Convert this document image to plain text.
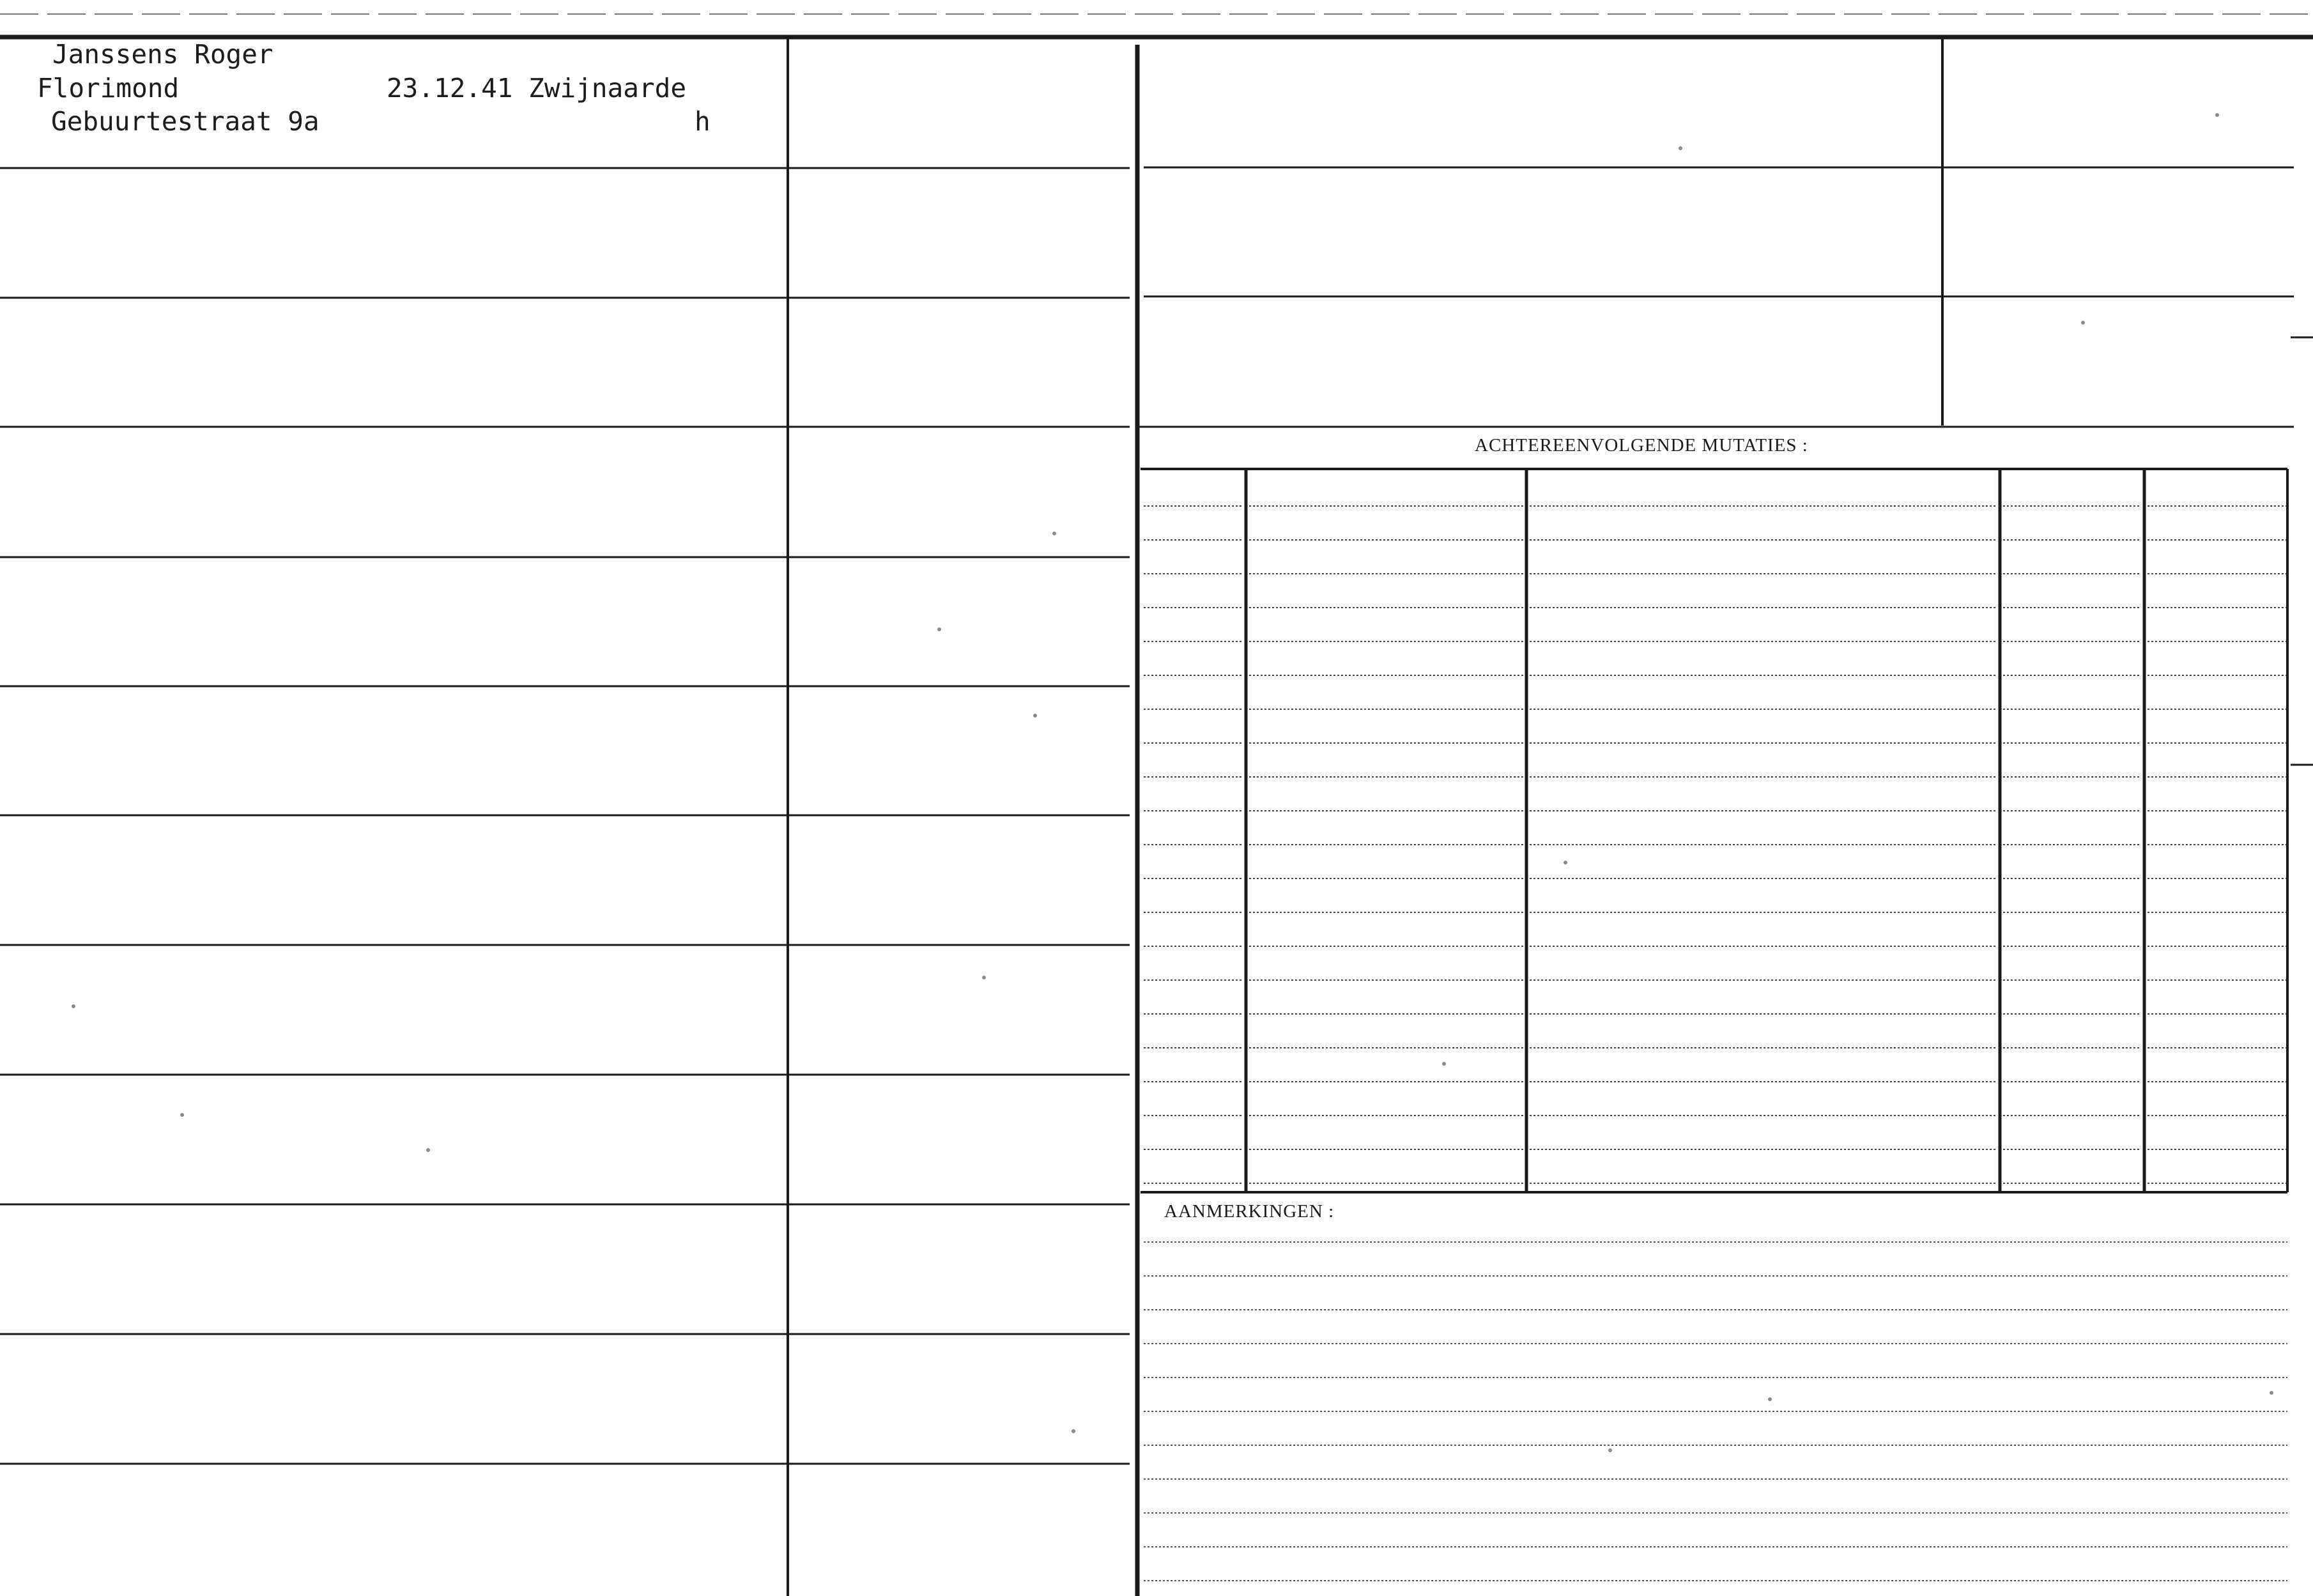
Janssens Roger
Florimond	23.12.41 Zwijnaarde
Gebuurtestraat 9a	h
ACHTEREENVOLGENDE MUTATIES :
AANMERKINGEN :
